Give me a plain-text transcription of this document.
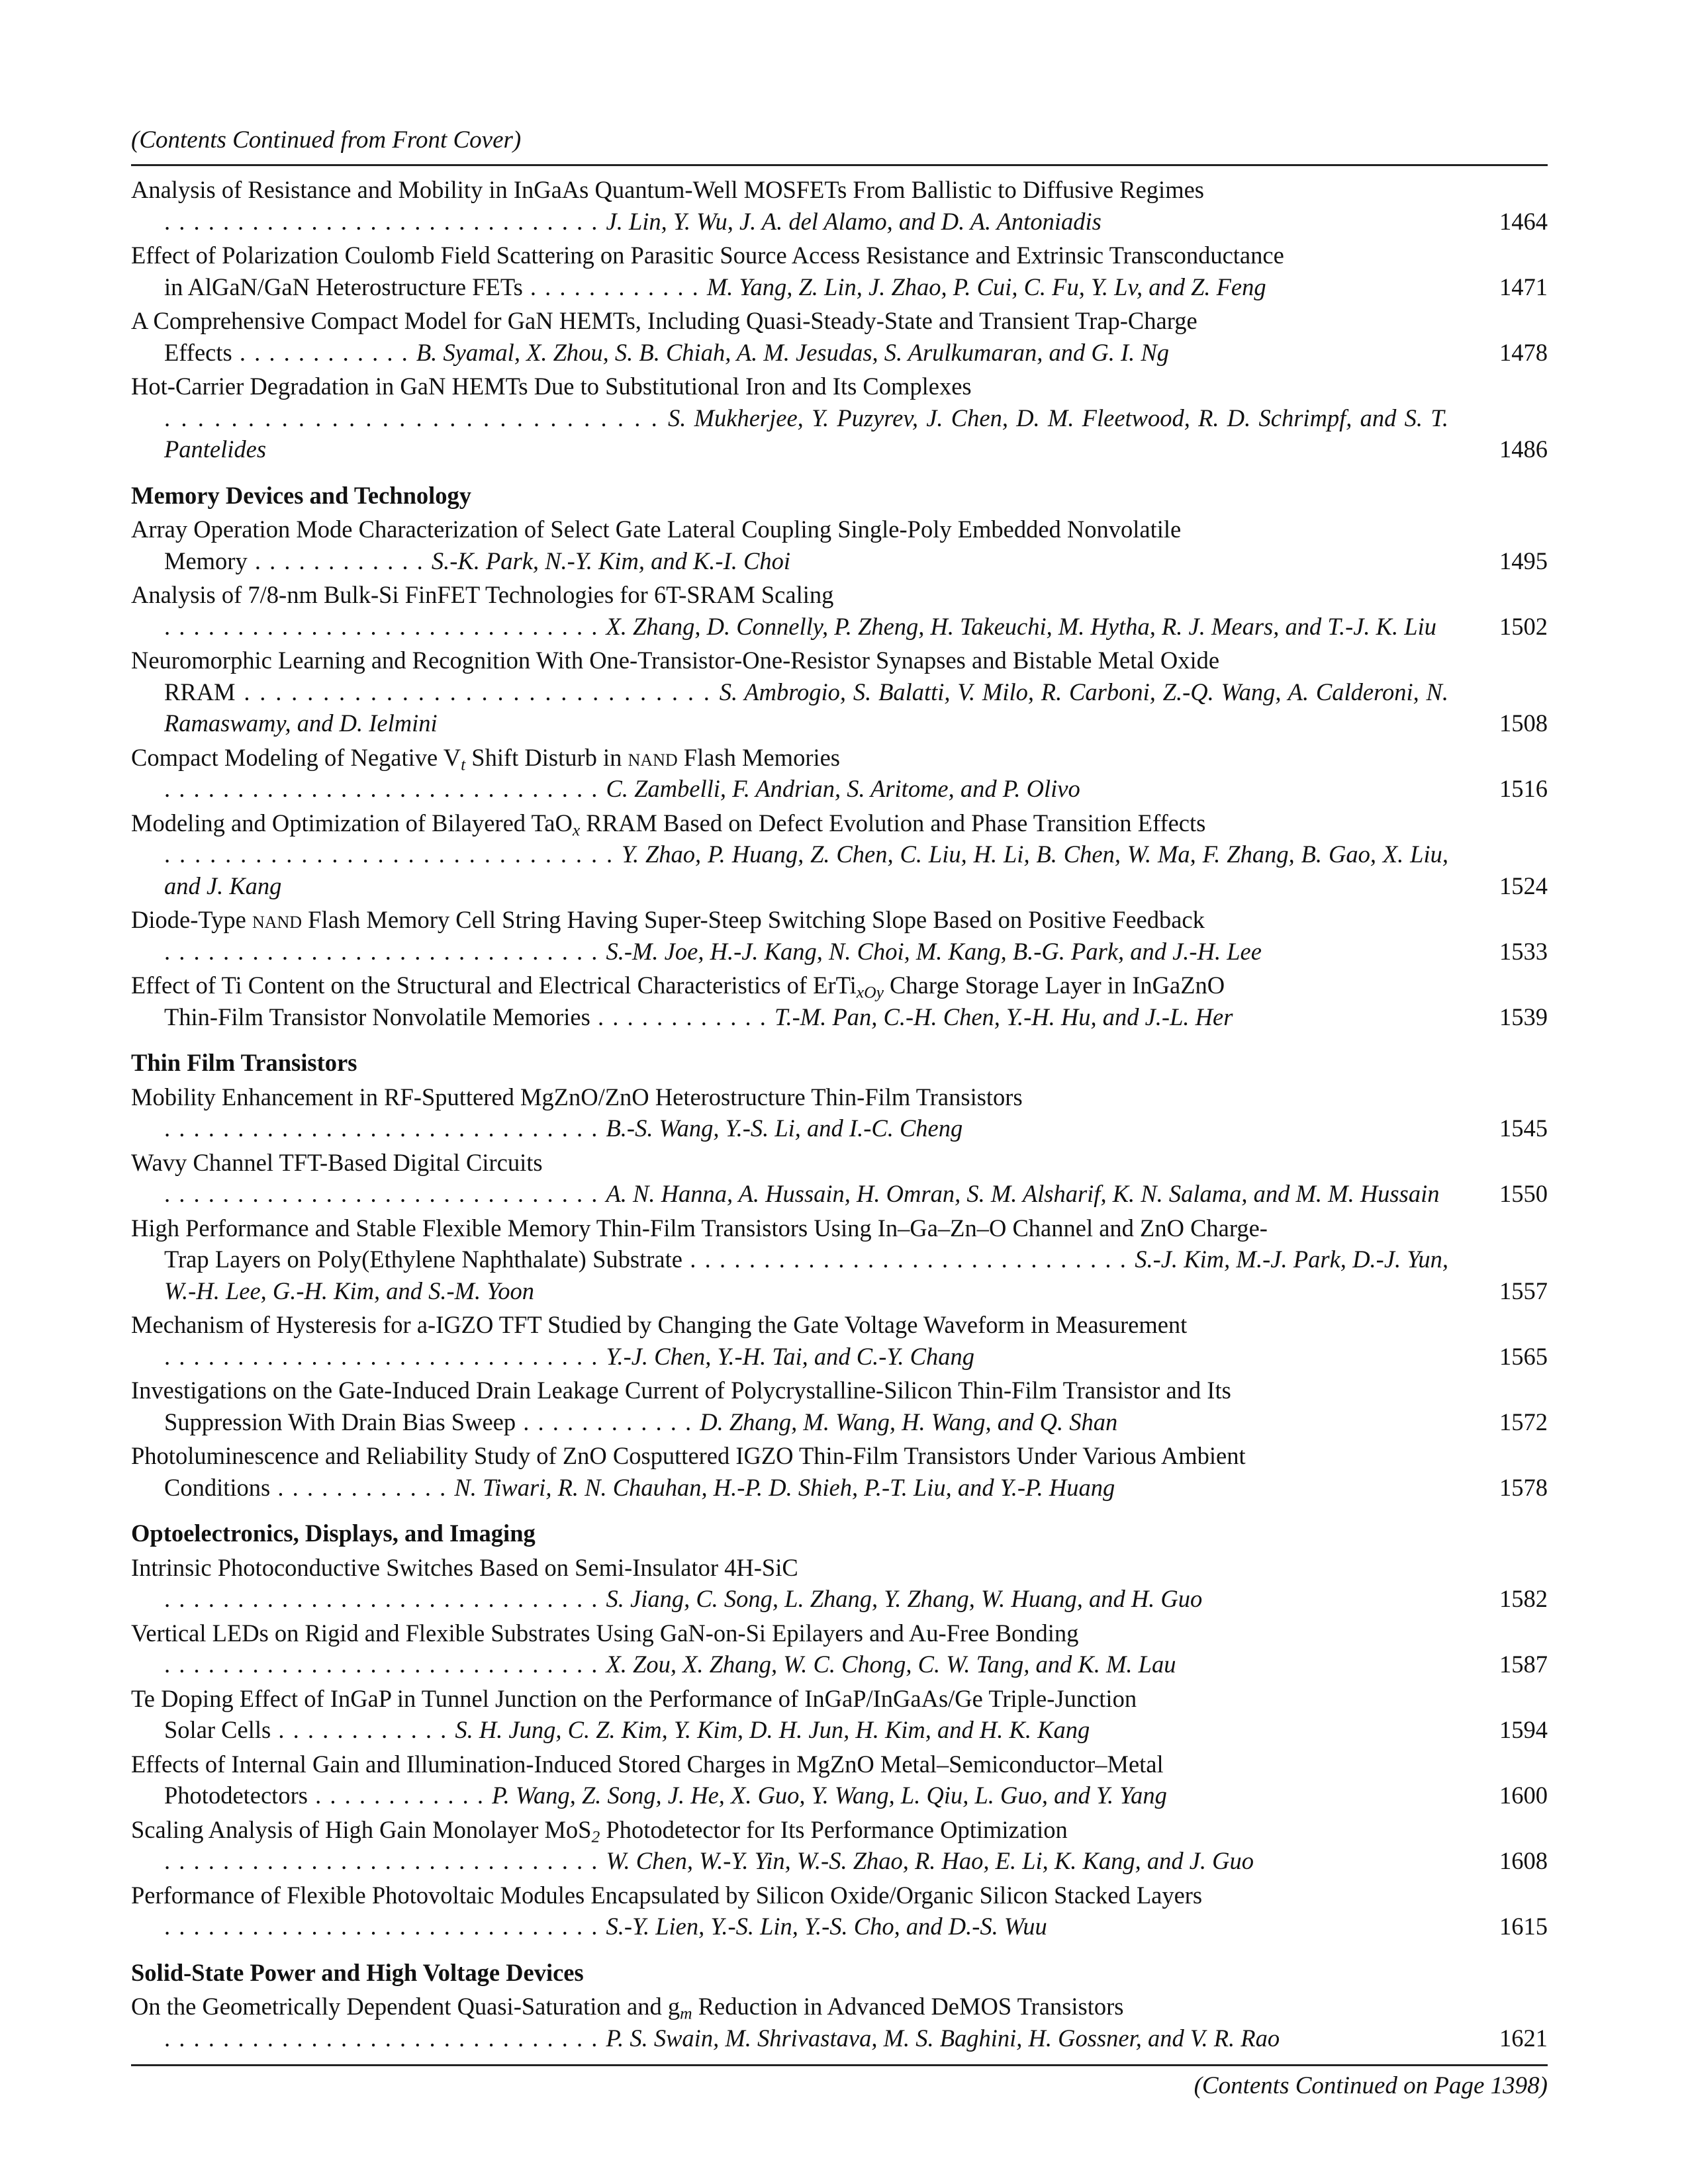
(Contents Continued from Front Cover)
Analysis of Resistance and Mobility in InGaAs Quantum-Well MOSFETs From Ballistic to Diffusive Regimes
. . . . . . . . . . . . . . . . . . . . . . . . . . . . . . J. Lin, Y. Wu, J. A. del Alamo, and D. A. Antoniadis	1464
Effect of Polarization Coulomb Field Scattering on Parasitic Source Access Resistance and Extrinsic Transconductance
in AlGaN/GaN Heterostructure FETs . . . . . . . . . . . . M. Yang, Z. Lin, J. Zhao, P. Cui, C. Fu, Y. Lv, and Z. Feng	1471
A Comprehensive Compact Model for GaN HEMTs, Including Quasi-Steady-State and Transient Trap-Charge
Effects . . . . . . . . . . . . B. Syamal, X. Zhou, S. B. Chiah, A. M. Jesudas, S. Arulkumaran, and G. I. Ng	1478
Hot-Carrier Degradation in GaN HEMTs Due to Substitutional Iron and Its Complexes
. . . . . . . . . . . . . . . . . . . . . . . . . . . . . . S. Mukherjee, Y. Puzyrev, J. Chen, D. M. Fleetwood, R. D. Schrimpf, and S. T. Pantelides	1486
Memory Devices and Technology
Array Operation Mode Characterization of Select Gate Lateral Coupling Single-Poly Embedded Nonvolatile
Memory . . . . . . . . . . . . S.-K. Park, N.-Y. Kim, and K.-I. Choi	1495
Analysis of 7/8-nm Bulk-Si FinFET Technologies for 6T-SRAM Scaling
. . . . . . . . . . . . . . . . . . . . . . . . . . . . . . X. Zhang, D. Connelly, P. Zheng, H. Takeuchi, M. Hytha, R. J. Mears, and T.-J. K. Liu	1502
Neuromorphic Learning and Recognition With One-Transistor-One-Resistor Synapses and Bistable Metal Oxide
RRAM . . . . . . . . . . . . . . . . . . . . . . . . . . . . . . S. Ambrogio, S. Balatti, V. Milo, R. Carboni, Z.-Q. Wang, A. Calderoni, N. Ramaswamy, and D. Ielmini	1508
Compact Modeling of Negative $V_t$ Shift Disturb in nand Flash Memories
. . . . . . . . . . . . . . . . . . . . . . . . . . . . . . C. Zambelli, F. Andrian, S. Aritome, and P. Olivo	1516
Modeling and Optimization of Bilayered TaO$_x$ RRAM Based on Defect Evolution and Phase Transition Effects
. . . . . . . . . . . . . . . . . . . . . . . . . . . . . . Y. Zhao, P. Huang, Z. Chen, C. Liu, H. Li, B. Chen, W. Ma, F. Zhang, B. Gao, X. Liu, and J. Kang	1524
Diode-Type nand Flash Memory Cell String Having Super-Steep Switching Slope Based on Positive Feedback
. . . . . . . . . . . . . . . . . . . . . . . . . . . . . . S.-M. Joe, H.-J. Kang, N. Choi, M. Kang, B.-G. Park, and J.-H. Lee	1533
Effect of Ti Content on the Structural and Electrical Characteristics of ErTi$_{xOy}$ Charge Storage Layer in InGaZnO
Thin-Film Transistor Nonvolatile Memories . . . . . . . . . . . . T.-M. Pan, C.-H. Chen, Y.-H. Hu, and J.-L. Her	1539
Thin Film Transistors
Mobility Enhancement in RF-Sputtered MgZnO/ZnO Heterostructure Thin-Film Transistors
. . . . . . . . . . . . . . . . . . . . . . . . . . . . . . B.-S. Wang, Y.-S. Li, and I.-C. Cheng	1545
Wavy Channel TFT-Based Digital Circuits
. . . . . . . . . . . . . . . . . . . . . . . . . . . . . . A. N. Hanna, A. Hussain, H. Omran, S. M. Alsharif, K. N. Salama, and M. M. Hussain	1550
High Performance and Stable Flexible Memory Thin-Film Transistors Using In–Ga–Zn–O Channel and ZnO Charge-
Trap Layers on Poly(Ethylene Naphthalate) Substrate . . . . . . . . . . . . . . . . . . . . . . . . . . . . . . S.-J. Kim, M.-J. Park, D.-J. Yun, W.-H. Lee, G.-H. Kim, and S.-M. Yoon	1557
Mechanism of Hysteresis for a-IGZO TFT Studied by Changing the Gate Voltage Waveform in Measurement
. . . . . . . . . . . . . . . . . . . . . . . . . . . . . . Y.-J. Chen, Y.-H. Tai, and C.-Y. Chang	1565
Investigations on the Gate-Induced Drain Leakage Current of Polycrystalline-Silicon Thin-Film Transistor and Its
Suppression With Drain Bias Sweep . . . . . . . . . . . . D. Zhang, M. Wang, H. Wang, and Q. Shan	1572
Photoluminescence and Reliability Study of ZnO Cosputtered IGZO Thin-Film Transistors Under Various Ambient
Conditions . . . . . . . . . . . . N. Tiwari, R. N. Chauhan, H.-P. D. Shieh, P.-T. Liu, and Y.-P. Huang	1578
Optoelectronics, Displays, and Imaging
Intrinsic Photoconductive Switches Based on Semi-Insulator 4H-SiC
. . . . . . . . . . . . . . . . . . . . . . . . . . . . . . S. Jiang, C. Song, L. Zhang, Y. Zhang, W. Huang, and H. Guo	1582
Vertical LEDs on Rigid and Flexible Substrates Using GaN-on-Si Epilayers and Au-Free Bonding
. . . . . . . . . . . . . . . . . . . . . . . . . . . . . . X. Zou, X. Zhang, W. C. Chong, C. W. Tang, and K. M. Lau	1587
Te Doping Effect of InGaP in Tunnel Junction on the Performance of InGaP/InGaAs/Ge Triple-Junction
Solar Cells . . . . . . . . . . . . S. H. Jung, C. Z. Kim, Y. Kim, D. H. Jun, H. Kim, and H. K. Kang	1594
Effects of Internal Gain and Illumination-Induced Stored Charges in MgZnO Metal–Semiconductor–Metal
Photodetectors . . . . . . . . . . . . P. Wang, Z. Song, J. He, X. Guo, Y. Wang, L. Qiu, L. Guo, and Y. Yang	1600
Scaling Analysis of High Gain Monolayer MoS$_2$ Photodetector for Its Performance Optimization
. . . . . . . . . . . . . . . . . . . . . . . . . . . . . . W. Chen, W.-Y. Yin, W.-S. Zhao, R. Hao, E. Li, K. Kang, and J. Guo	1608
Performance of Flexible Photovoltaic Modules Encapsulated by Silicon Oxide/Organic Silicon Stacked Layers
. . . . . . . . . . . . . . . . . . . . . . . . . . . . . . S.-Y. Lien, Y.-S. Lin, Y.-S. Cho, and D.-S. Wuu	1615
Solid-State Power and High Voltage Devices
On the Geometrically Dependent Quasi-Saturation and $g_m$ Reduction in Advanced DeMOS Transistors
. . . . . . . . . . . . . . . . . . . . . . . . . . . . . . P. S. Swain, M. Shrivastava, M. S. Baghini, H. Gossner, and V. R. Rao	1621
(Contents Continued on Page 1398)
